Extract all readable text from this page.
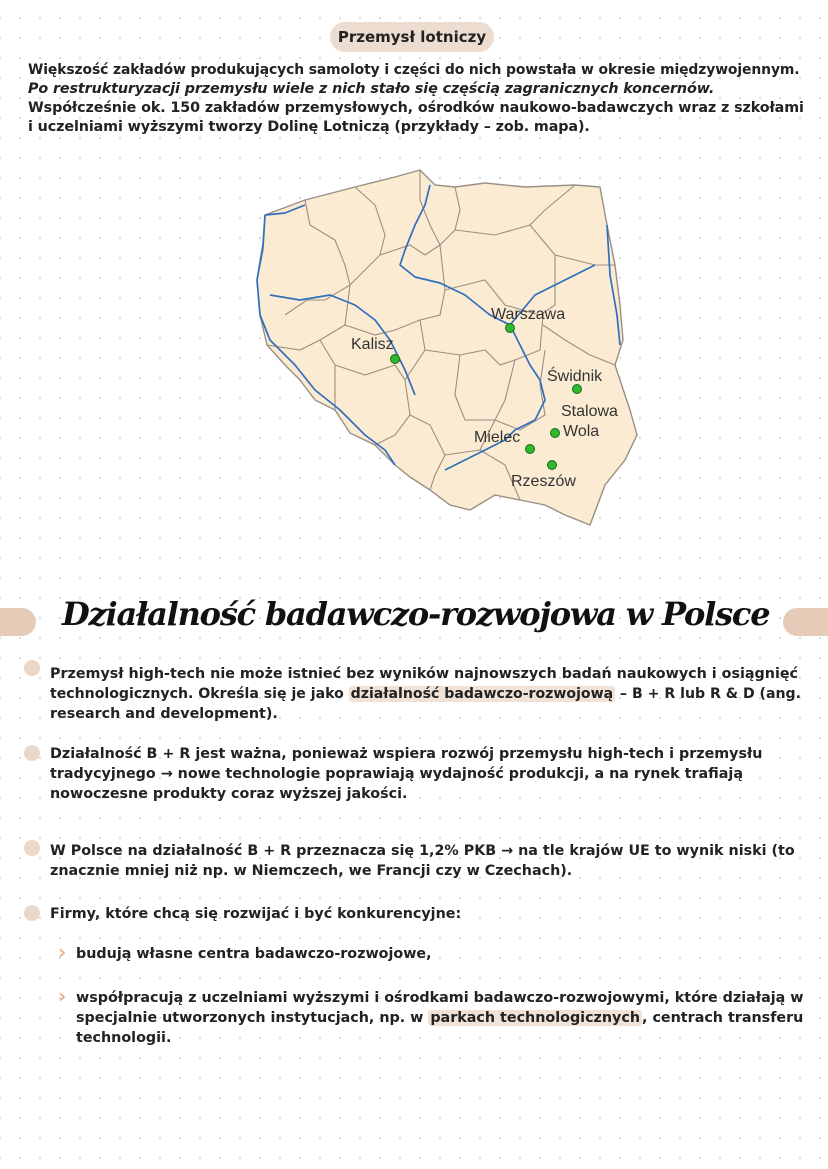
Przemysł lotniczy
Większość zakładów produkujących samoloty i części do nich powstała w okresie międzywojennym.
Po restrukturyzacji przemysłu wiele z nich stało się częścią zagranicznych koncernów.
Współcześnie ok. 150 zakładów przemysłowych, ośrodków naukowo-badawczych wraz z szkołami
i uczelniami wyższymi tworzy Dolinę Lotniczą (przykłady – zob. mapa).
Warszawa
Kalisz
Świdnik
Stalowa
Wola
Mielec
Rzeszów
Działalność badawczo-rozwojowa w Polsce
Przemysł high-tech nie może istnieć bez wyników najnowszych badań naukowych i osiągnięć
technologicznych. Określa się je jako działalność badawczo-rozwojową – B + R lub R & D (ang.
research and development).
Działalność B + R jest ważna, ponieważ wspiera rozwój przemysłu high-tech i przemysłu
tradycyjnego → nowe technologie poprawiają wydajność produkcji, a na rynek trafiają
nowoczesne produkty coraz wyższej jakości.
W Polsce na działalność B + R przeznacza się 1,2% PKB → na tle krajów UE to wynik niski (to
znacznie mniej niż np. w Niemczech, we Francji czy w Czechach).
Firmy, które chcą się rozwijać i być konkurencyjne:
› budują własne centra badawczo-rozwojowe,
› współpracują z uczelniami wyższymi i ośrodkami badawczo-rozwojowymi, które działają w
specjalnie utworzonych instytucjach, np. w parkach technologicznych , centrach transferu
technologii.
